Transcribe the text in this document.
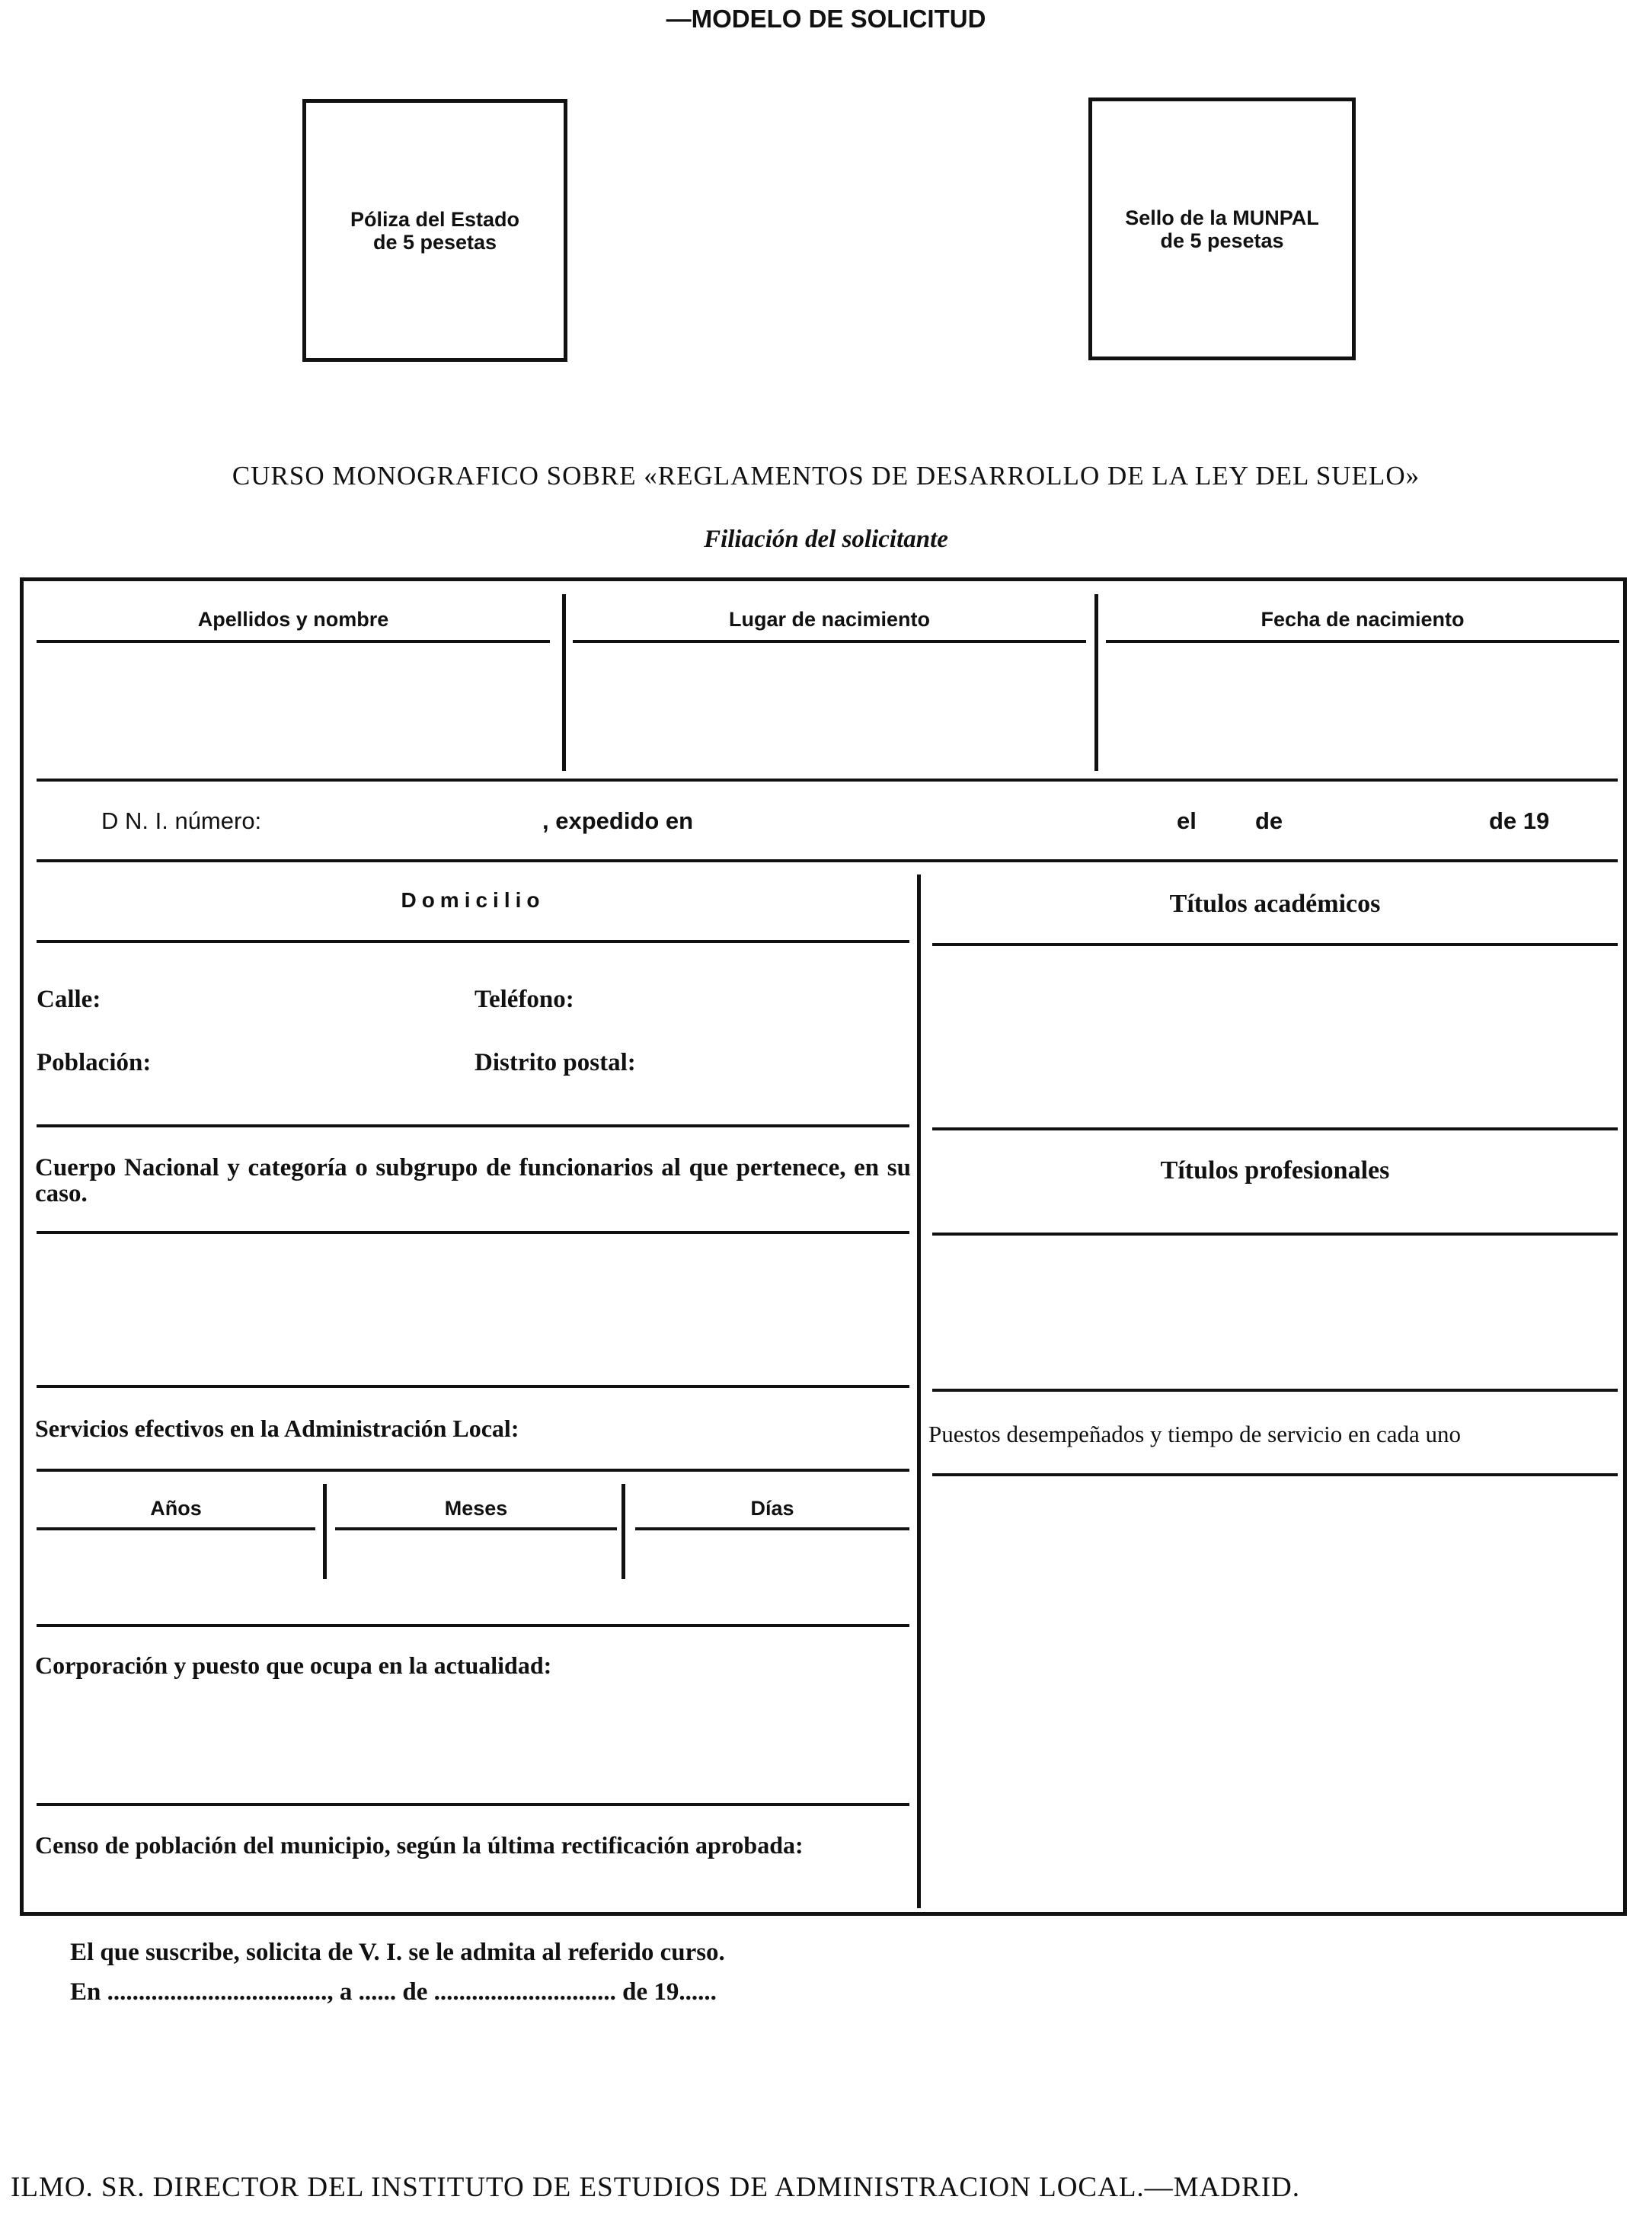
—MODELO DE SOLICITUD
Póliza del Estado
de 5 pesetas
Sello de la MUNPAL
de 5 pesetas
CURSO MONOGRAFICO SOBRE «REGLAMENTOS DE DESARROLLO DE LA LEY DEL SUELO»
Filiación del solicitante
Apellidos y nombre	Lugar de nacimiento	Fecha de nacimiento
D N. I. número:	, expedido en	el de	de 19
Domicilio
Calle:	Teléfono:
Población:	Distrito postal:
Cuerpo Nacional y categoría o subgrupo de funcionarios al que pertenece, en su caso.
Servicios efectivos en la Administración Local:
Años	Meses	Días
Corporación y puesto que ocupa en la actualidad:
Censo de población del municipio, según la última rectificación aprobada:
Títulos académicos
Títulos profesionales
Puestos desempeñados y tiempo de servicio en cada uno
El que suscribe, solicita de V. I. se le admita al referido curso.
En ..................................., a ...... de ............................. de 19......
ILMO. SR. DIRECTOR DEL INSTITUTO DE ESTUDIOS DE ADMINISTRACION LOCAL.—MADRID.
